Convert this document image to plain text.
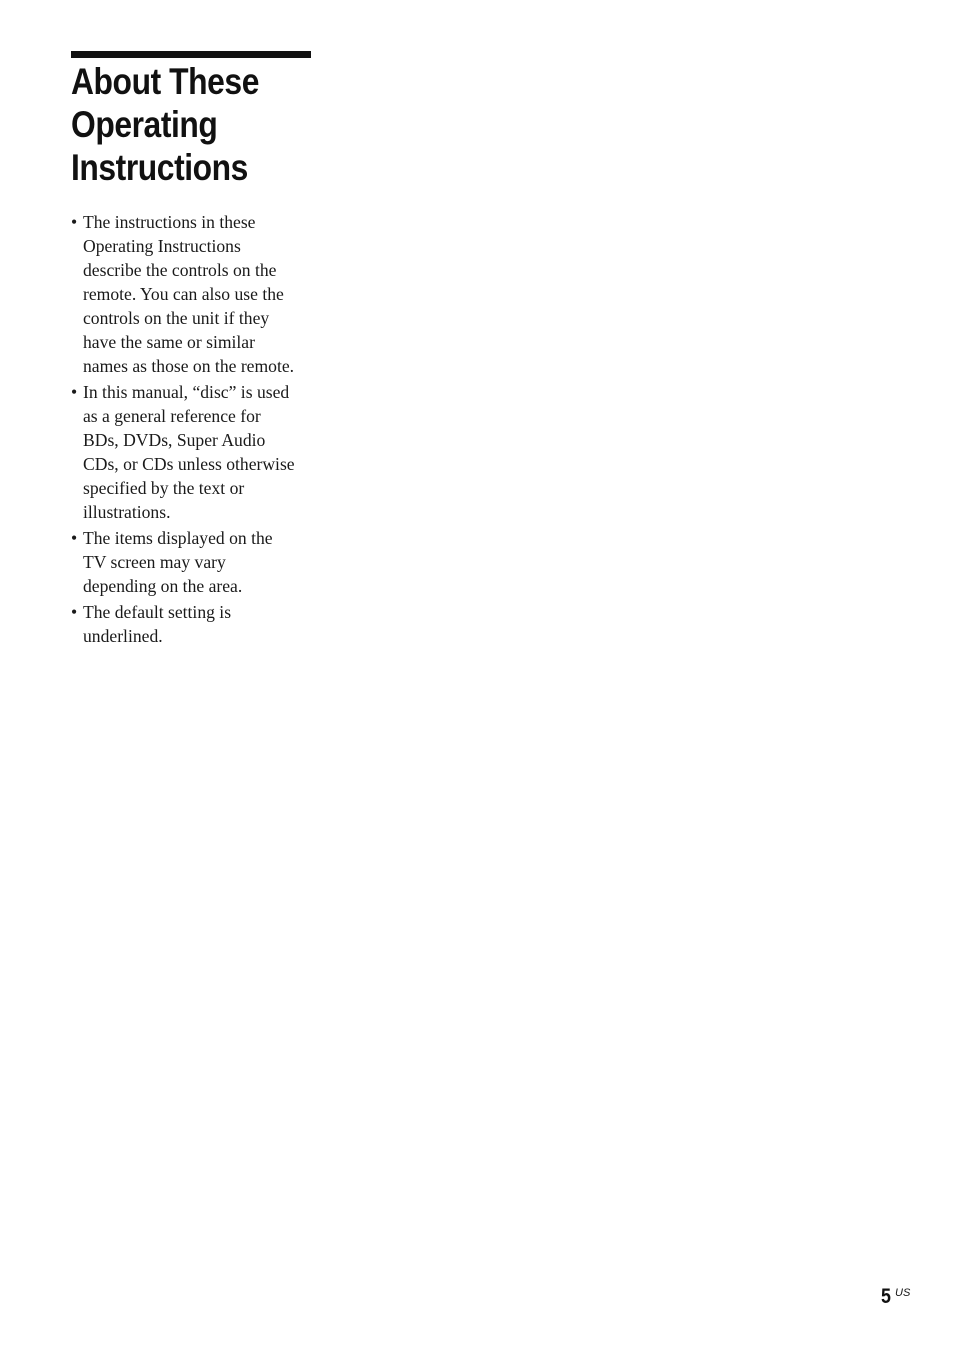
About These
Operating
Instructions
• The instructions in these
Operating Instructions
describe the controls on the
remote. You can also use the
controls on the unit if they
have the same or similar
names as those on the remote.
• In this manual, “disc” is used
as a general reference for
BDs, DVDs, Super Audio
CDs, or CDs unless otherwise
specified by the text or
illustrations.
• The items displayed on the
TV screen may vary
depending on the area.
• The default setting is
underlined.
5 US
